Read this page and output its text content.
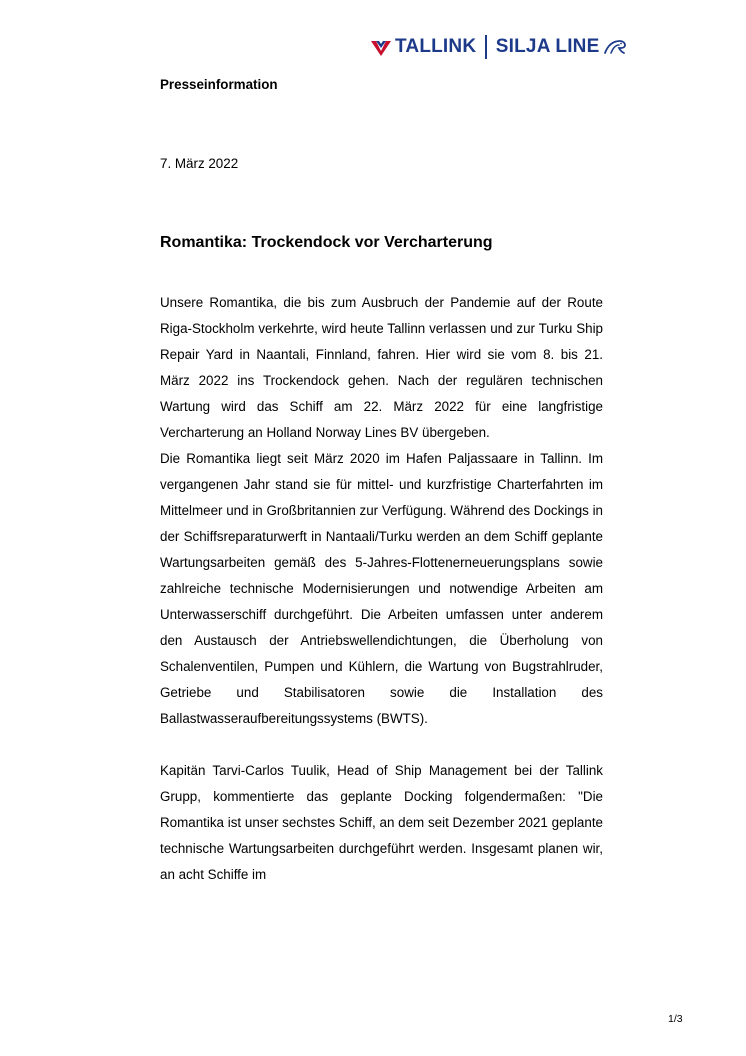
TALLINK SILJA LINE
Presseinformation
7. März 2022
Romantika: Trockendock vor Vercharterung

Unsere Romantika, die bis zum Ausbruch der Pandemie auf der Route Riga-Stockholm verkehrte, wird heute Tallinn verlassen und zur Turku Ship Repair Yard in Naantali, Finnland, fahren. Hier wird sie vom 8. bis 21. März 2022 ins Trockendock gehen. Nach der regulären technischen Wartung wird das Schiff am 22. März 2022 für eine langfristige Vercharterung an Holland Norway Lines BV übergeben.

Die Romantika liegt seit März 2020 im Hafen Paljassaare in Tallinn. Im vergangenen Jahr stand sie für mittel- und kurzfristige Charterfahrten im Mittelmeer und in Großbritannien zur Verfügung. Während des Dockings in der Schiffsreparaturwerft in Nantaali/Turku werden an dem Schiff geplante Wartungsarbeiten gemäß des 5-Jahres-Flottenerneuerungsplans sowie zahlreiche technische Modernisierungen und notwendige Arbeiten am Unterwasserschiff durchgeführt. Die Arbeiten umfassen unter anderem den Austausch der Antriebswellendichtungen, die Überholung von Schalenventilen, Pumpen und Kühlern, die Wartung von Bugstrahlruder, Getriebe und Stabilisatoren sowie die Installation des Ballastwasseraufbereitungssystems (BWTS).

Kapitän Tarvi-Carlos Tuulik, Head of Ship Management bei der Tallink Grupp, kommentierte das geplante Docking folgendermaßen: "Die Romantika ist unser sechstes Schiff, an dem seit Dezember 2021 geplante technische Wartungsarbeiten durchgeführt werden. Insgesamt planen wir, an acht Schiffe im

1/3
